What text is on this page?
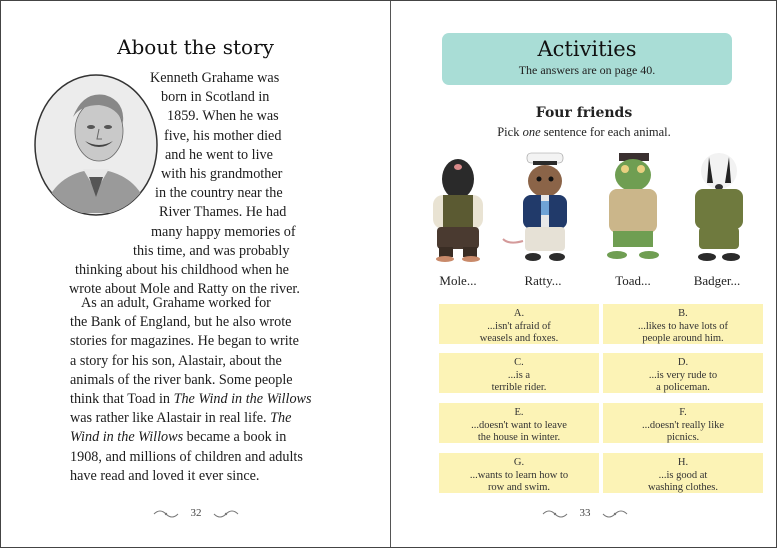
About the story
Kenneth Grahame was
born in Scotland in
1859. When he was
five, his mother died
and he went to live
with his grandmother
in the country near the
River Thames. He had
many happy memories of
this time, and was probably
thinking about his childhood when he
wrote about Mole and Ratty on the river.
As an adult, Grahame worked for
the Bank of England, but he also wrote
stories for magazines. He began to write
a story for his son, Alastair, about the
animals of the river bank. Some people
think that Toad in The Wind in the Willows
was rather like Alastair in real life. The
Wind in the Willows became a book in
1908, and millions of children and adults
have read and loved it ever since.
32
Activities
The answers are on page 40.
Four friends
Pick one sentence for each animal.
Mole...	Ratty...	Toad...	Badger...
A.
...isn't afraid of
weasels and foxes.
B.
...likes to have lots of
people around him.
C.
...is a
terrible rider.
D.
...is very rude to
a policeman.
E.
...doesn't want to leave
the house in winter.
F.
...doesn't really like
picnics.
G.
...wants to learn how to
row and swim.
H.
...is good at
washing clothes.
33
